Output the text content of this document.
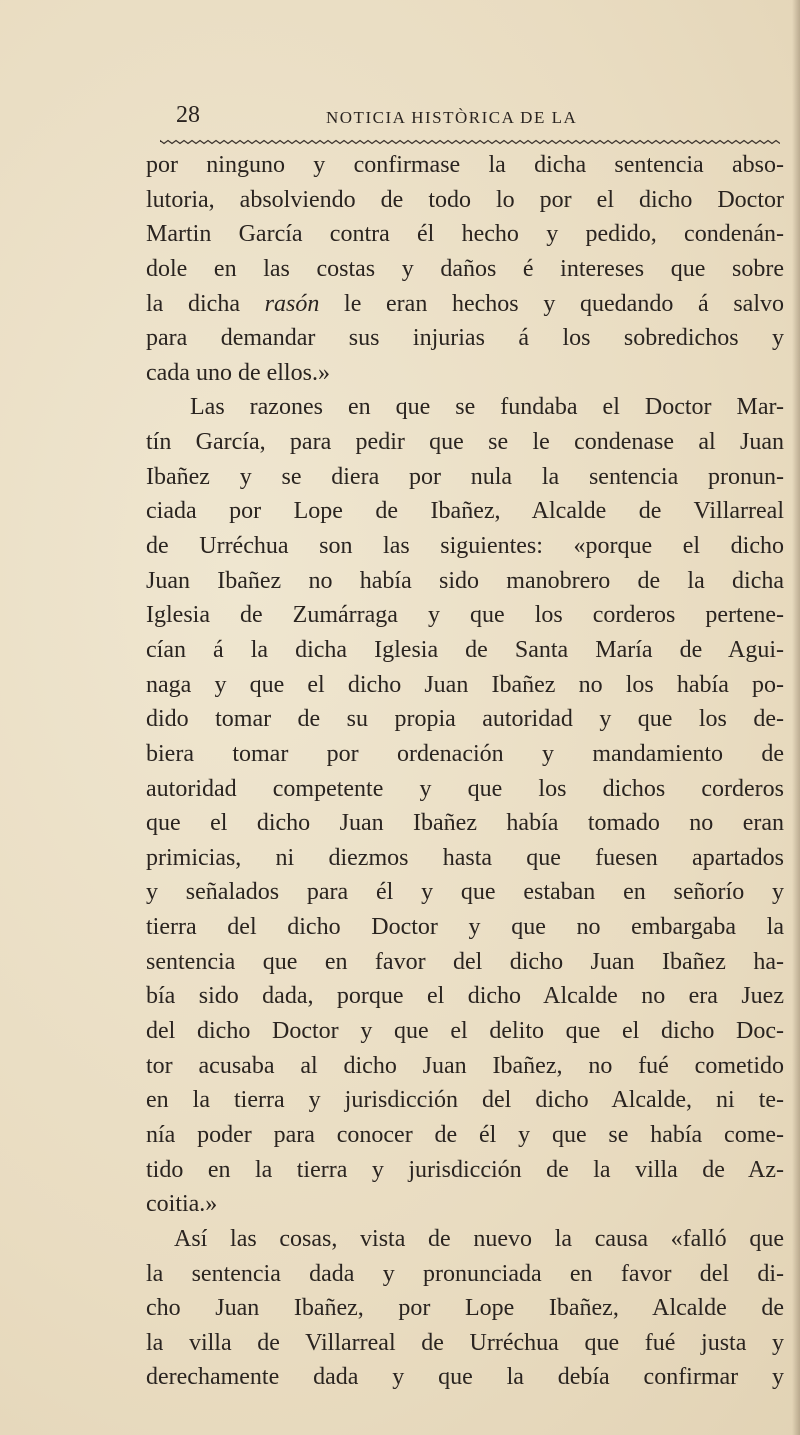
28	NOTICIA HISTÒRICA DE LA
por ninguno y confirmase la dicha sentencia abso-
lutoria, absolviendo de todo lo por el dicho Doctor
Martin García contra él hecho y pedido, condenán-
dole en las costas y daños é intereses que sobre
la dicha rasón le eran hechos y quedando á salvo
para demandar sus injurias á los sobredichos y
cada uno de ellos.»
Las razones en que se fundaba el Doctor Mar-
tín García, para pedir que se le condenase al Juan
Ibañez y se diera por nula la sentencia pronun-
ciada por Lope de Ibañez, Alcalde de Villarreal
de Urréchua son las siguientes: «porque el dicho
Juan Ibañez no había sido manobrero de la dicha
Iglesia de Zumárraga y que los corderos pertene-
cían á la dicha Iglesia de Santa María de Agui-
naga y que el dicho Juan Ibañez no los había po-
dido tomar de su propia autoridad y que los de-
biera tomar por ordenación y mandamiento de
autoridad competente y que los dichos corderos
que el dicho Juan Ibañez había tomado no eran
primicias, ni diezmos hasta que fuesen apartados
y señalados para él y que estaban en señorío y
tierra del dicho Doctor y que no embargaba la
sentencia que en favor del dicho Juan Ibañez ha-
bía sido dada, porque el dicho Alcalde no era Juez
del dicho Doctor y que el delito que el dicho Doc-
tor acusaba al dicho Juan Ibañez, no fué cometido
en la tierra y jurisdicción del dicho Alcalde, ni te-
nía poder para conocer de él y que se había come-
tido en la tierra y jurisdicción de la villa de Az-
coitia.»
Así las cosas, vista de nuevo la causa «falló que
la sentencia dada y pronunciada en favor del di-
cho Juan Ibañez, por Lope Ibañez, Alcalde de
la villa de Villarreal de Urréchua que fué justa y
derechamente dada y que la debía confirmar y
